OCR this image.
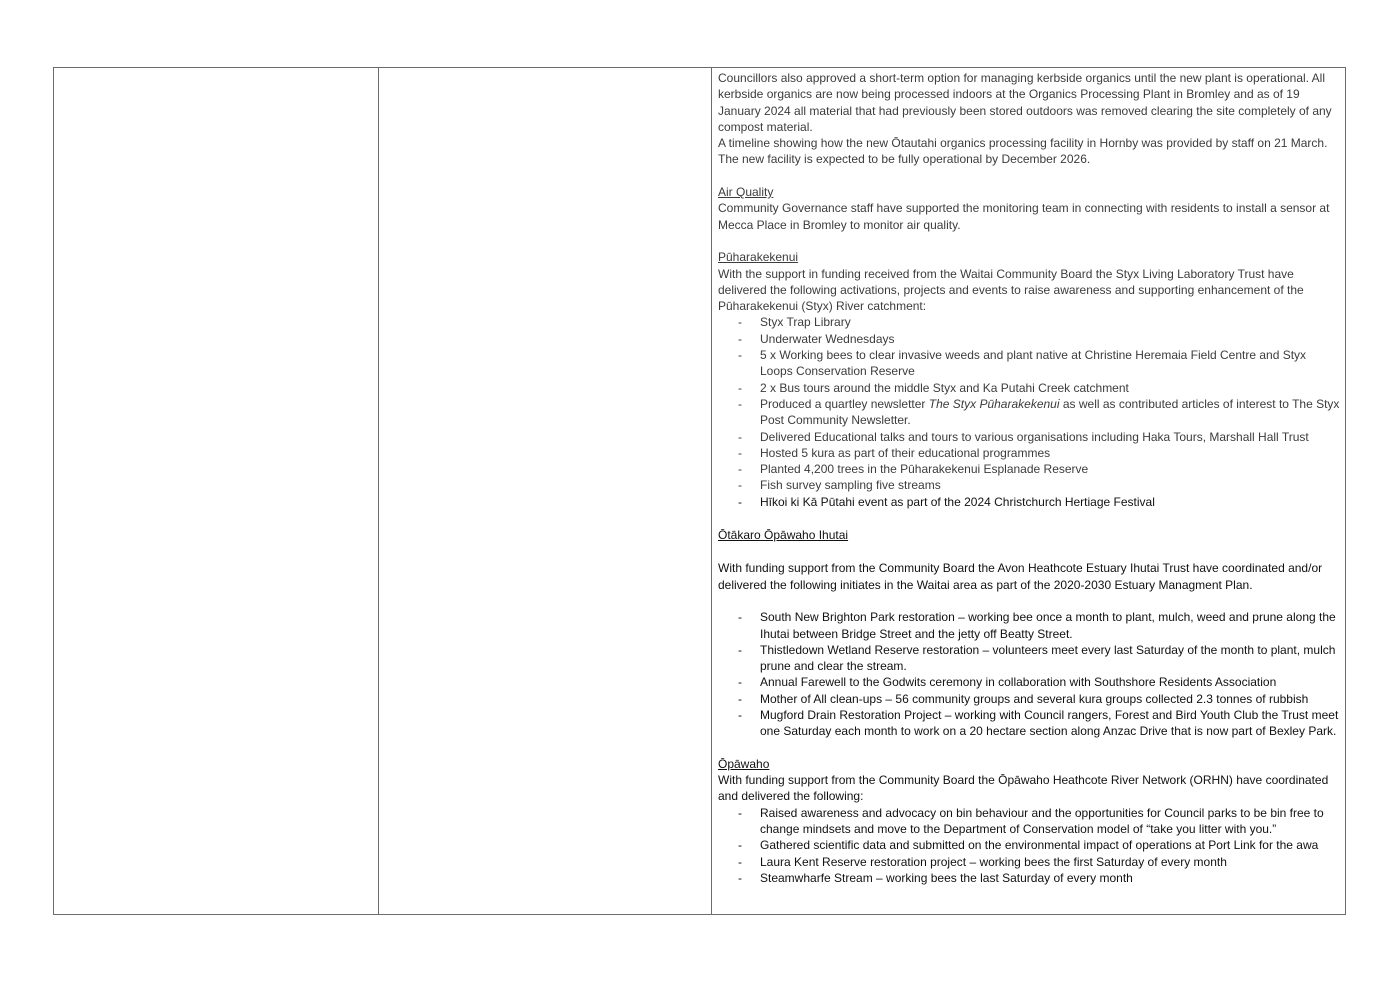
Councillors also approved a short-term option for managing kerbside organics until the new plant is operational. All kerbside organics are now being processed indoors at the Organics Processing Plant in Bromley and as of 19 January 2024 all material that had previously been stored outdoors was removed clearing the site completely of any compost material.

A timeline showing how the new Ōtautahi organics processing facility in Hornby was provided by staff on 21 March. The new facility is expected to be fully operational by December 2026.

Air Quality

Community Governance staff have supported the monitoring team in connecting with residents to install a sensor at Mecca Place in Bromley to monitor air quality.

Pūharakekenui

With the support in funding received from the Waitai Community Board the Styx Living Laboratory Trust have delivered the following activations, projects and events to raise awareness and supporting enhancement of the Pūharakekenui (Styx) River catchment:

- Styx Trap Library
- Underwater Wednesdays
- 5 x Working bees to clear invasive weeds and plant native at Christine Heremaia Field Centre and Styx Loops Conservation Reserve
- 2 x Bus tours around the middle Styx and Ka Putahi Creek catchment
- Produced a quartley newsletter The Styx Pūharakekenui as well as contributed articles of interest to The Styx Post Community Newsletter.
- Delivered Educational talks and tours to various organisations including Haka Tours, Marshall Hall Trust
- Hosted 5 kura as part of their educational programmes
- Planted 4,200 trees in the Pūharakekenui Esplanade Reserve
- Fish survey sampling five streams
- Hīkoi ki Kā Pūtahi event as part of the 2024 Christchurch Hertiage Festival

Ōtākaro Ōpāwaho Ihutai

With funding support from the Community Board the Avon Heathcote Estuary Ihutai Trust have coordinated and/or delivered the following initiates in the Waitai area as part of the 2020-2030 Estuary Managment Plan.

- South New Brighton Park restoration – working bee once a month to plant, mulch, weed and prune along the Ihutai between Bridge Street and the jetty off Beatty Street.
- Thistledown Wetland Reserve restoration – volunteers meet every last Saturday of the month to plant, mulch prune and clear the stream.
- Annual Farewell to the Godwits ceremony in collaboration with Southshore Residents Association
- Mother of All clean-ups – 56 community groups and several kura groups collected 2.3 tonnes of rubbish
- Mugford Drain Restoration Project – working with Council rangers, Forest and Bird Youth Club the Trust meet one Saturday each month to work on a 20 hectare section along Anzac Drive that is now part of Bexley Park.

Ōpāwaho

With funding support from the Community Board the Ōpāwaho Heathcote River Network (ORHN) have coordinated and delivered the following:

- Raised awareness and advocacy on bin behaviour and the opportunities for Council parks to be bin free to change mindsets and move to the Department of Conservation model of “take you litter with you.”
- Gathered scientific data and submitted on the environmental impact of operations at Port Link for the awa
- Laura Kent Reserve restoration project – working bees the first Saturday of every month
- Steamwharfe Stream – working bees the last Saturday of every month
